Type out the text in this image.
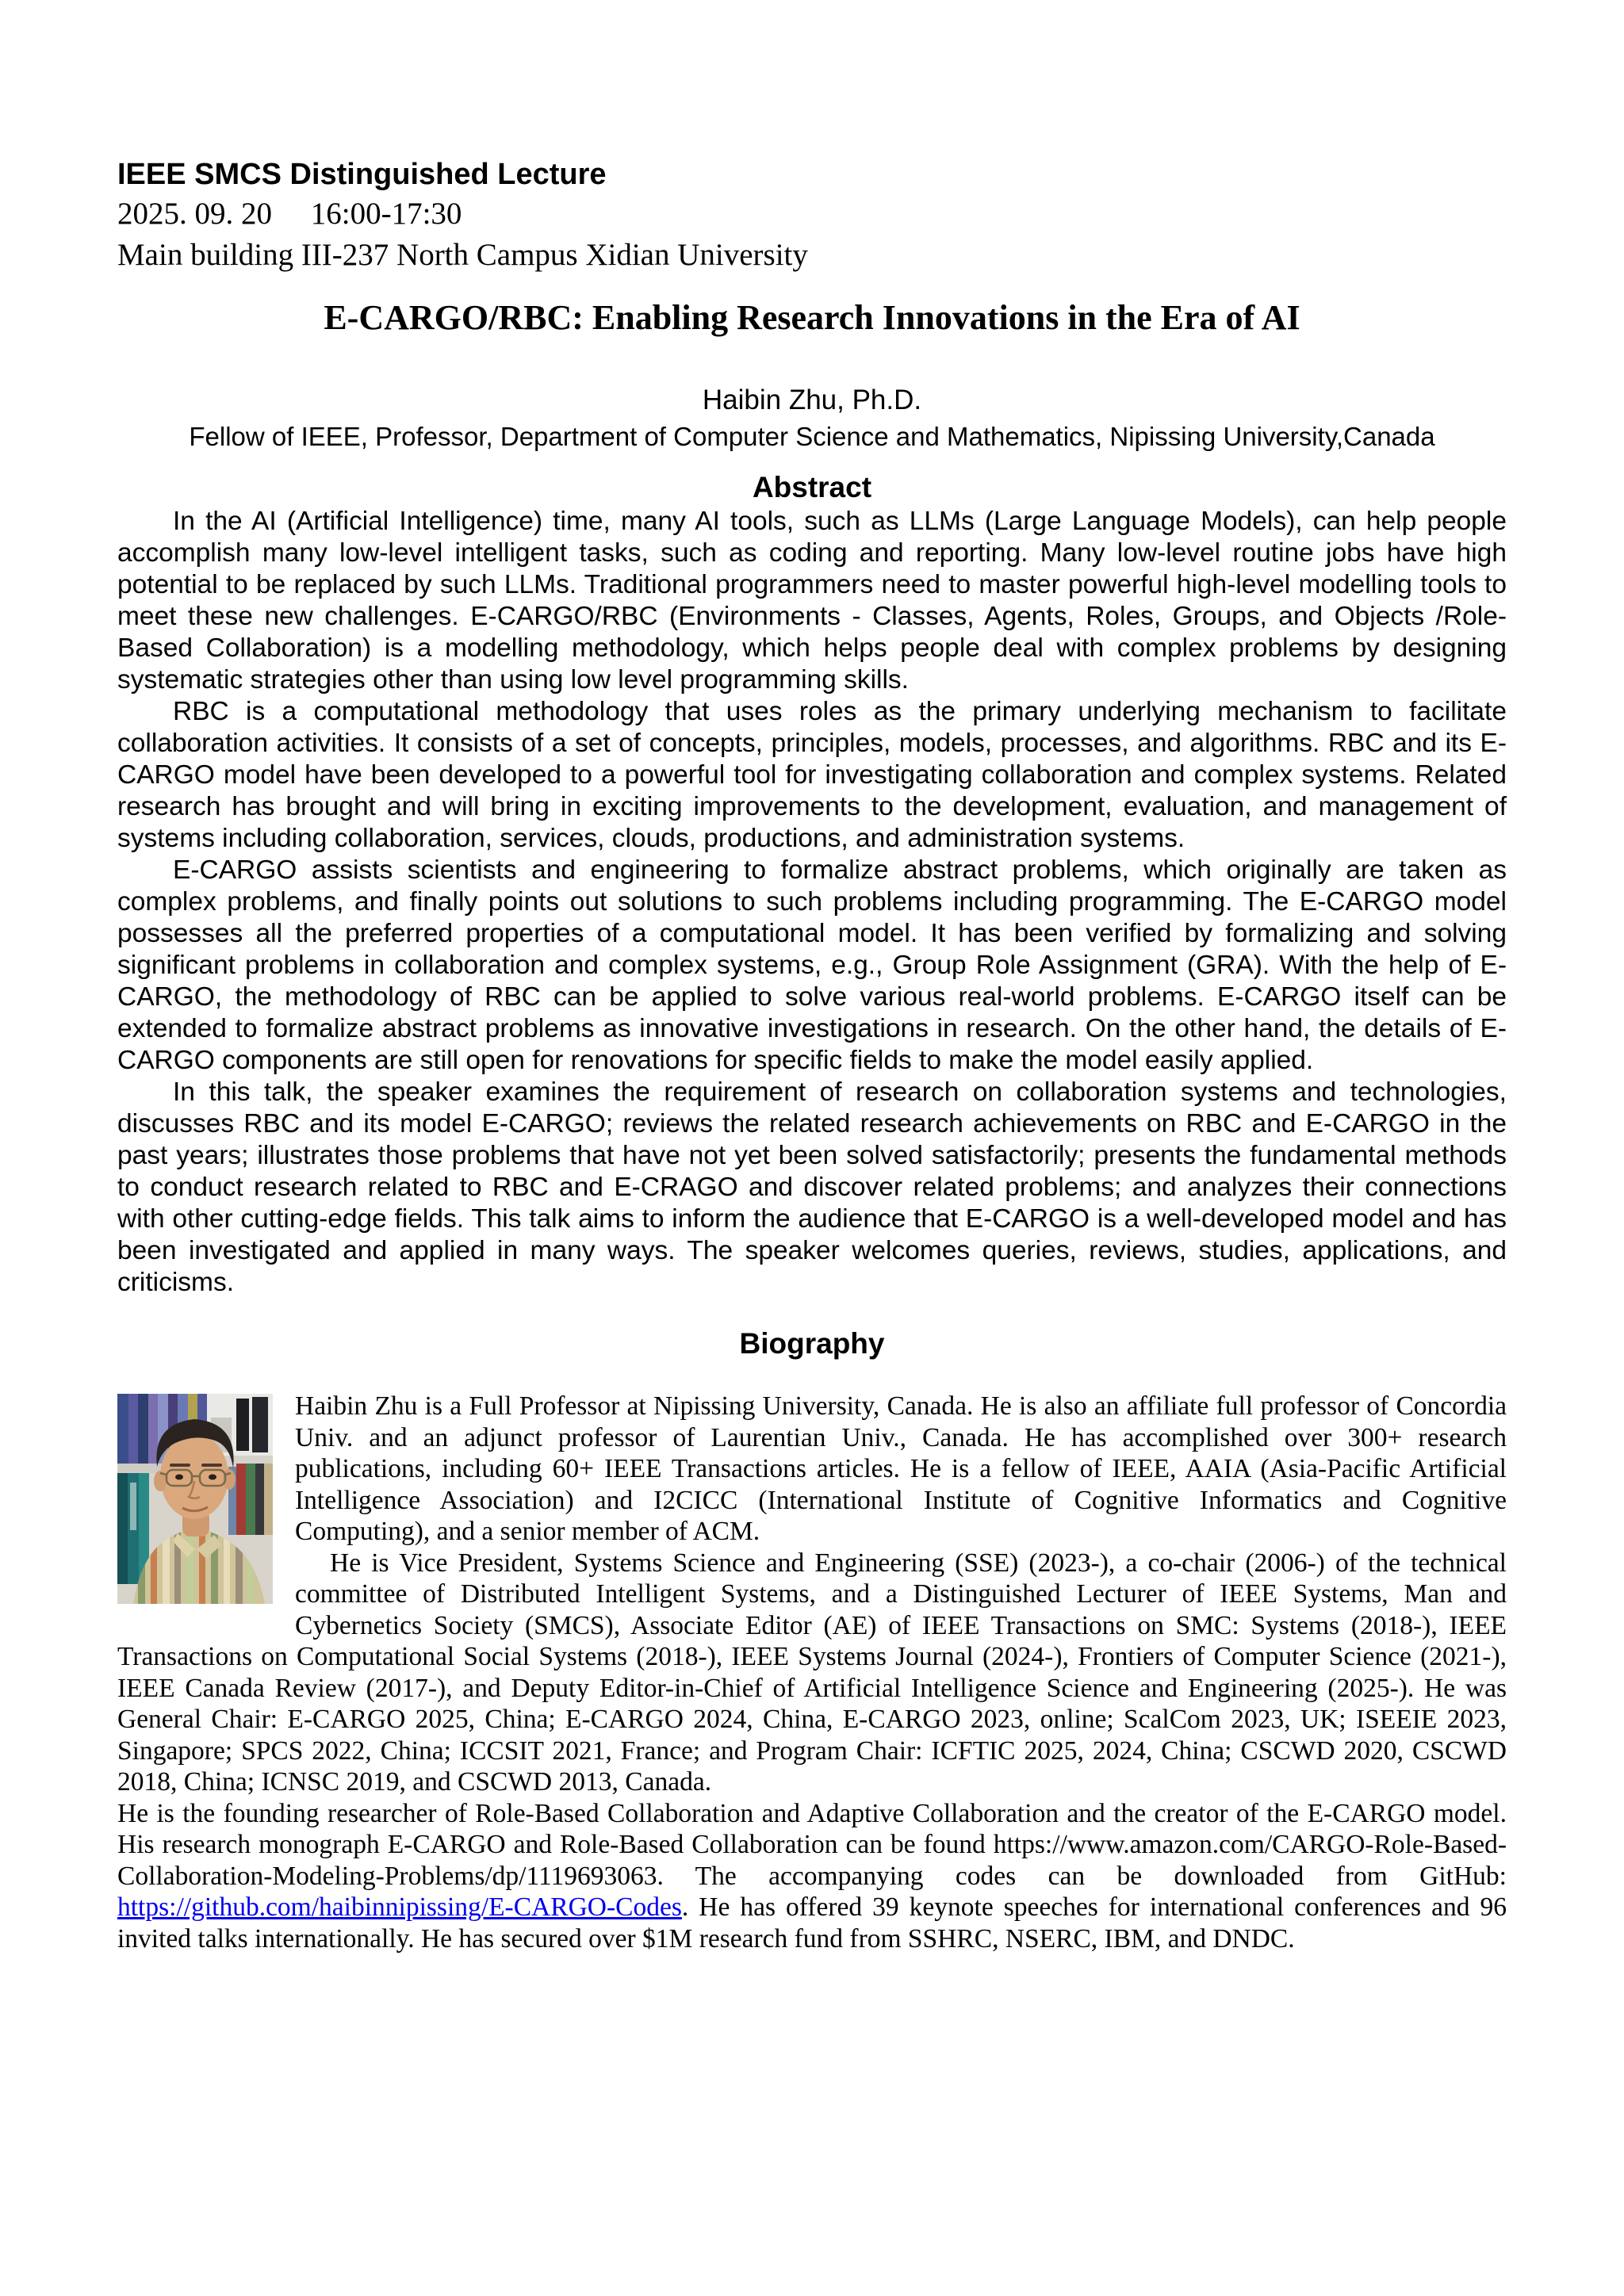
IEEE SMCS Distinguished Lecture
2025. 09. 20     16:00-17:30
Main building III-237 North Campus Xidian University
E-CARGO/RBC: Enabling Research Innovations in the Era of AI
Haibin Zhu, Ph.D.
Fellow of IEEE, Professor, Department of Computer Science and Mathematics, Nipissing University,Canada
Abstract

In the AI (Artificial Intelligence) time, many AI tools, such as LLMs (Large Language Models), can help people accomplish many low-level intelligent tasks, such as coding and reporting. Many low-level routine jobs have high potential to be replaced by such LLMs. Traditional programmers need to master powerful high-level modelling tools to meet these new challenges. E-CARGO/RBC (Environments - Classes, Agents, Roles, Groups, and Objects /Role-Based Collaboration) is a modelling methodology, which helps people deal with complex problems by designing systematic strategies other than using low level programming skills.

RBC is a computational methodology that uses roles as the primary underlying mechanism to facilitate collaboration activities. It consists of a set of concepts, principles, models, processes, and algorithms. RBC and its E-CARGO model have been developed to a powerful tool for investigating collaboration and complex systems. Related research has brought and will bring in exciting improvements to the development, evaluation, and management of systems including collaboration, services, clouds, productions, and administration systems.

E-CARGO assists scientists and engineering to formalize abstract problems, which originally are taken as complex problems, and finally points out solutions to such problems including programming. The E-CARGO model possesses all the preferred properties of a computational model. It has been verified by formalizing and solving significant problems in collaboration and complex systems, e.g., Group Role Assignment (GRA). With the help of E-CARGO, the methodology of RBC can be applied to solve various real-world problems. E-CARGO itself can be extended to formalize abstract problems as innovative investigations in research. On the other hand, the details of E-CARGO components are still open for renovations for specific fields to make the model easily applied.

In this talk, the speaker examines the requirement of research on collaboration systems and technologies, discusses RBC and its model E-CARGO; reviews the related research achievements on RBC and E-CARGO in the past years; illustrates those problems that have not yet been solved satisfactorily; presents the fundamental methods to conduct research related to RBC and E-CRAGO and discover related problems; and analyzes their connections with other cutting-edge fields. This talk aims to inform the audience that E-CARGO is a well-developed model and has been investigated and applied in many ways. The speaker welcomes queries, reviews, studies, applications, and criticisms.

Biography

Haibin Zhu is a Full Professor at Nipissing University, Canada. He is also an affiliate full professor of Concordia Univ. and an adjunct professor of Laurentian Univ., Canada. He has accomplished over 300+ research publications, including 60+ IEEE Transactions articles. He is a fellow of IEEE, AAIA (Asia-Pacific Artificial Intelligence Association) and I2CICC (International Institute of Cognitive Informatics and Cognitive Computing), and a senior member of ACM.

He is Vice President, Systems Science and Engineering (SSE) (2023-), a co-chair (2006-) of the technical committee of Distributed Intelligent Systems, and a Distinguished Lecturer of IEEE Systems, Man and Cybernetics Society (SMCS), Associate Editor (AE) of IEEE Transactions on SMC: Systems (2018-), IEEE Transactions on Computational Social Systems (2018-), IEEE Systems Journal (2024-), Frontiers of Computer Science (2021-), IEEE Canada Review (2017-), and Deputy Editor-in-Chief of Artificial Intelligence Science and Engineering (2025-). He was General Chair: E-CARGO 2025, China; E-CARGO 2024, China, E-CARGO 2023, online; ScalCom 2023, UK; ISEEIE 2023, Singapore; SPCS 2022, China; ICCSIT 2021, France; and Program Chair: ICFTIC 2025, 2024, China; CSCWD 2020, CSCWD 2018, China; ICNSC 2019, and CSCWD 2013, Canada.

He is the founding researcher of Role-Based Collaboration and Adaptive Collaboration and the creator of the E-CARGO model. His research monograph E-CARGO and Role-Based Collaboration can be found https://www.amazon.com/CARGO-Role-Based-Collaboration-Modeling-Problems/dp/1119693063. The accompanying codes can be downloaded from GitHub: https://github.com/haibinnipissing/E-CARGO-Codes. He has offered 39 keynote speeches for international conferences and 96 invited talks internationally. He has secured over $1M research fund from SSHRC, NSERC, IBM, and DNDC.
